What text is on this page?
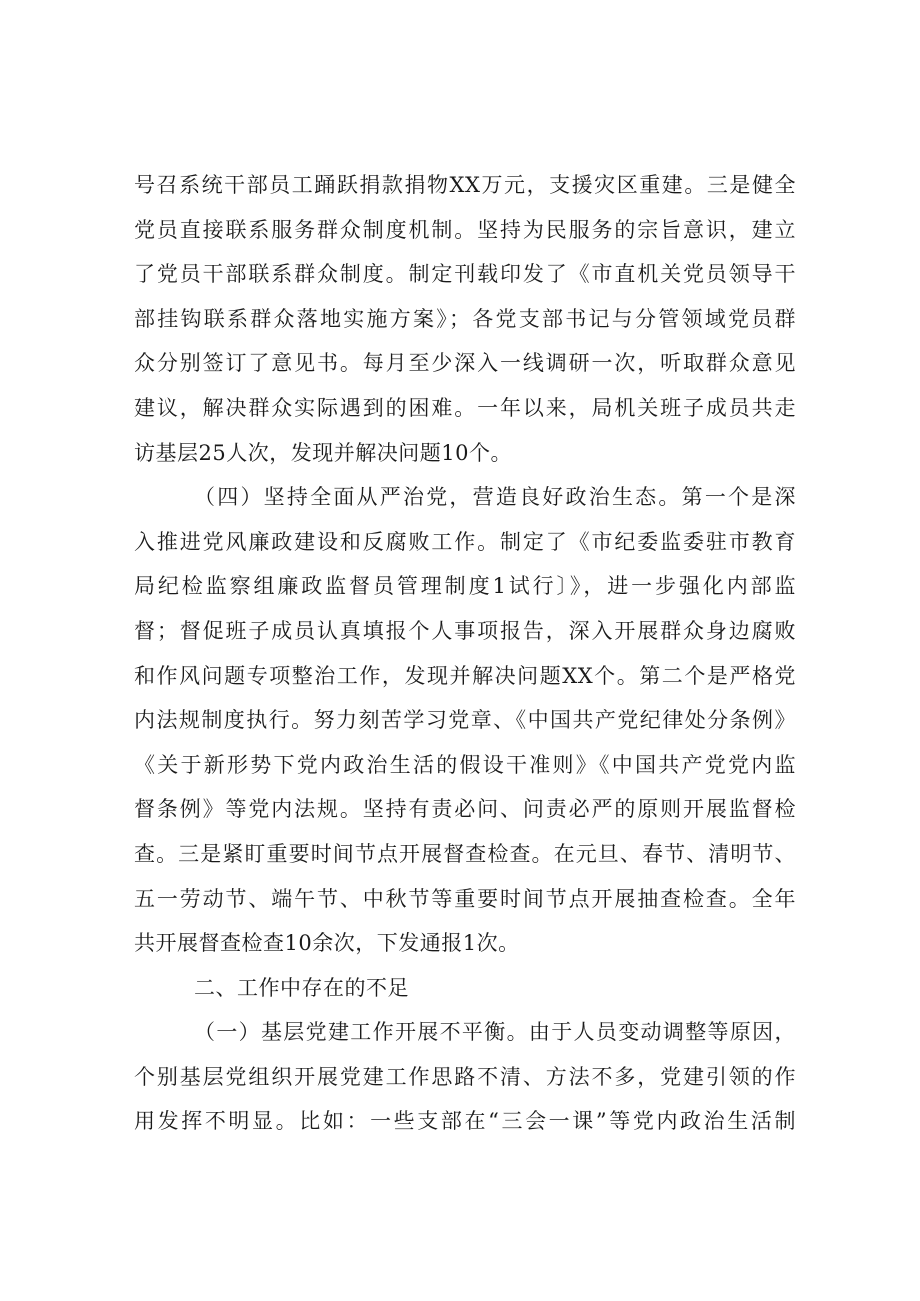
号召系统干部员工踊跃捐款捐物XX万元，支援灾区重建。三是健全
党员直接联系服务群众制度机制。坚持为民服务的宗旨意识，建立
了党员干部联系群众制度。制定刊载印发了《市直机关党员领导干
部挂钩联系群众落地实施方案》；各党支部书记与分管领域党员群
众分别签订了意见书。每月至少深入一线调研一次，听取群众意见
建议，解决群众实际遇到的困难。一年以来，局机关班子成员共走
访基层25人次，发现并解决问题10个。

（四）坚持全面从严治党，营造良好政治生态。第一个是深
入推进党风廉政建设和反腐败工作。制定了《市纪委监委驻市教育
局纪检监察组廉政监督员管理制度1试行〕》，进一步强化内部监
督；督促班子成员认真填报个人事项报告，深入开展群众身边腐败
和作风问题专项整治工作，发现并解决问题XX个。第二个是严格党
内法规制度执行。努力刻苦学习党章、《中国共产党纪律处分条例》
《关于新形势下党内政治生活的假设干准则》《中国共产党党内监
督条例》等党内法规。坚持有责必问、问责必严的原则开展监督检
查。三是紧盯重要时间节点开展督查检查。在元旦、春节、清明节、
五一劳动节、端午节、中秋节等重要时间节点开展抽查检查。全年
共开展督查检查10余次，下发通报1次。

二、工作中存在的不足

（一）基层党建工作开展不平衡。由于人员变动调整等原因，
个别基层党组织开展党建工作思路不清、方法不多，党建引领的作
用发挥不明显。比如：一些支部在“三会一课”等党内政治生活制
